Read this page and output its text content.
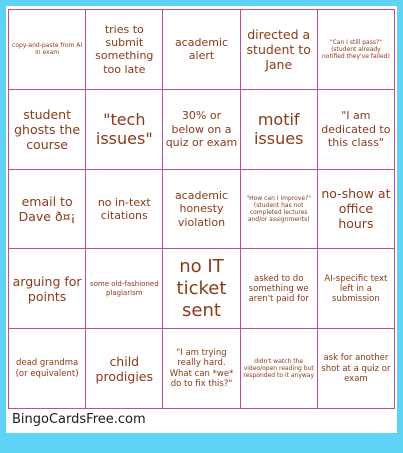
copy-and-paste from AI in exam
tries to submit something too late
academic alert
directed a student to Jane
"Can I still pass?" (student already notified they've failed)
student ghosts the course
"tech issues"
30% or below on a quiz or exam
motif issues
"I am dedicated to this class"
email to Dave ð¤¡
no in-text citations
academic honesty violation
"How can I improve?" (student has not completed lectures and/or assignments)
no-show at office hours
arguing for points
some old-fashioned plagiarism
no IT ticket sent
asked to do something we aren't paid for
AI-specific text left in a submission
dead grandma (or equivalent)
child prodigies
"I am trying really hard. What can *we* do to fix this?"
didn't watch the video/open reading but responded to it anyway
ask for another shot at a quiz or exam
BingoCardsFree.com
